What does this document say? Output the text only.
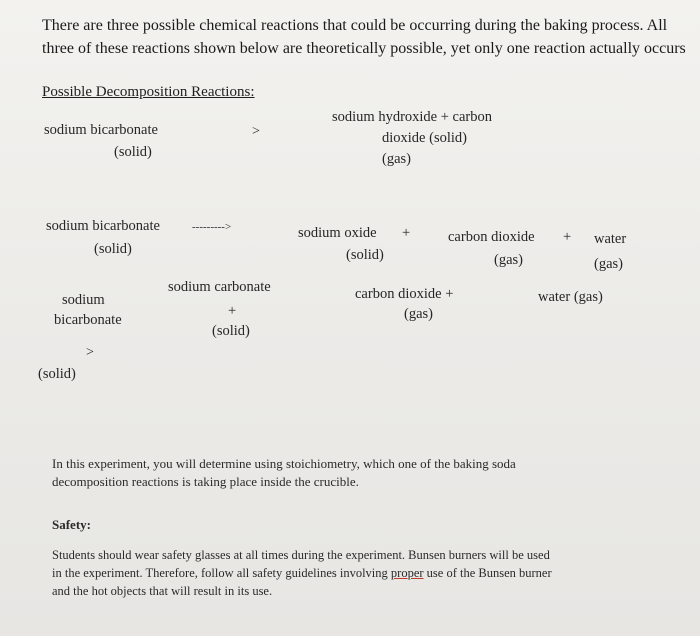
There are three possible chemical reactions that could be occurring during the baking process. All
three of these reactions shown below are theoretically possible, yet only one reaction actually occurs
Possible Decomposition Reactions:
sodium bicarbonate
(solid)
>
sodium hydroxide + carbon
dioxide (solid)
(gas)
sodium bicarbonate
(solid)
--------->	sodium oxide +
(solid)
carbon dioxide +
(gas)
water
(gas)
sodium carbonate
sodium
bicarbonate
+
(solid)
carbon dioxide +
(gas)
water (gas)
>
(solid)
In this experiment, you will determine using stoichiometry, which one of the baking soda
decomposition reactions is taking place inside the crucible.
Safety:
Students should wear safety glasses at all times during the experiment. Bunsen burners will be used
in the experiment. Therefore, follow all safety guidelines involving proper use of the Bunsen burner
and the hot objects that will result in its use.
